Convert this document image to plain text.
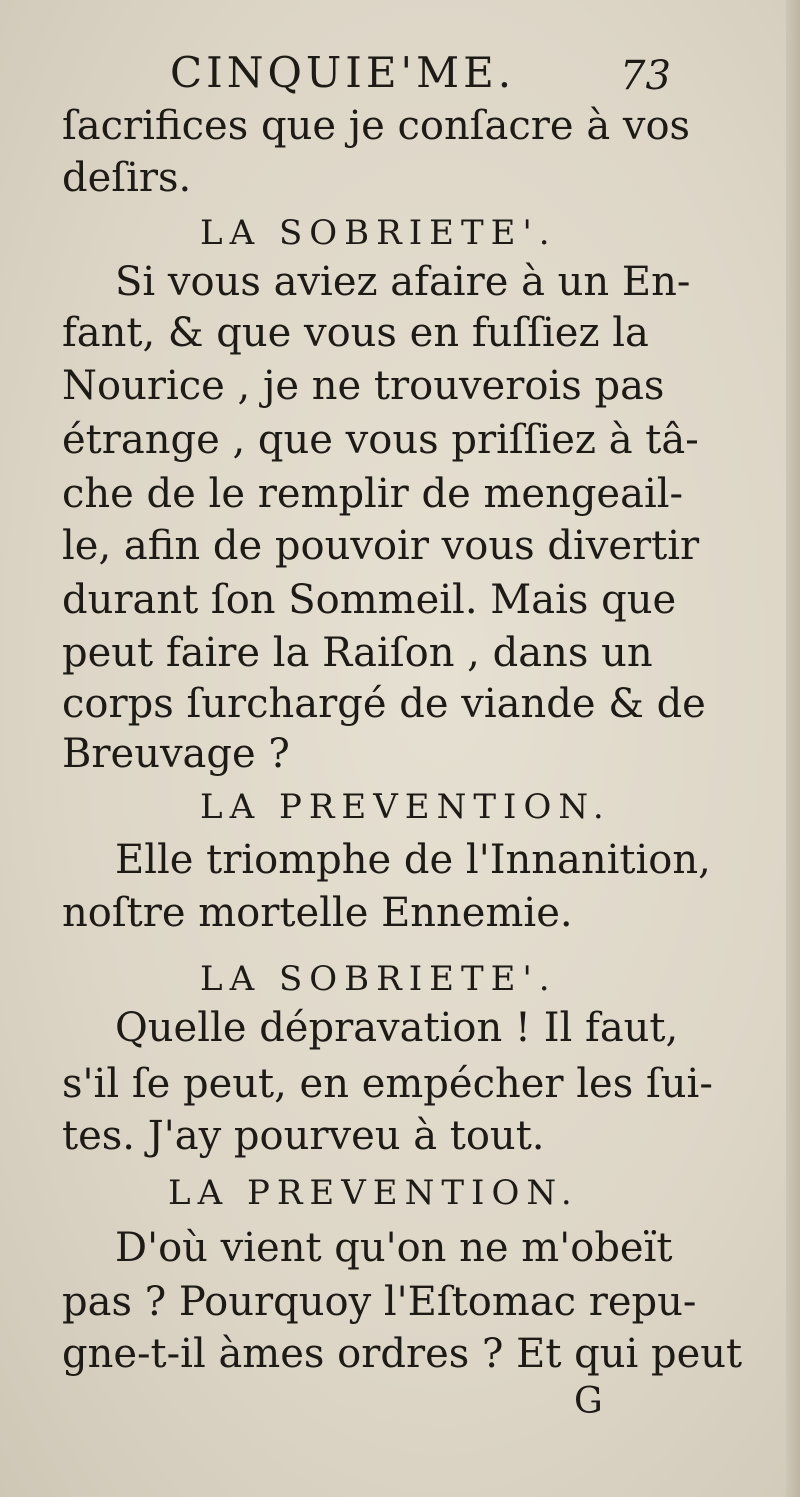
CINQUIE'ME.	73
ſacrifices que je conſacre à vos
deſirs.
LA SOBRIETE'.
Si vous aviez afaire à un En-
fant, & que vous en fuſſiez la
Nourice , je ne trouverois pas
étrange , que vous priſſiez à tâ-
che de le remplir de mengeail-
le, afin de pouvoir vous divertir
durant ſon Sommeil. Mais que
peut faire la Raiſon , dans un
corps ſurchargé de viande & de
Breuvage ?
LA PREVENTION.
Elle triomphe de l'Innanition,
noſtre mortelle Ennemie.
LA SOBRIETE'.
Quelle dépravation ! Il faut,
s'il ſe peut, en empécher les ſui-
tes. J'ay pourveu à tout.
LA PREVENTION.
D'où vient qu'on ne m'obeït
pas ? Pourquoy l'Eſtomac repu-
gne-t-il àmes ordres ? Et qui peut
G
